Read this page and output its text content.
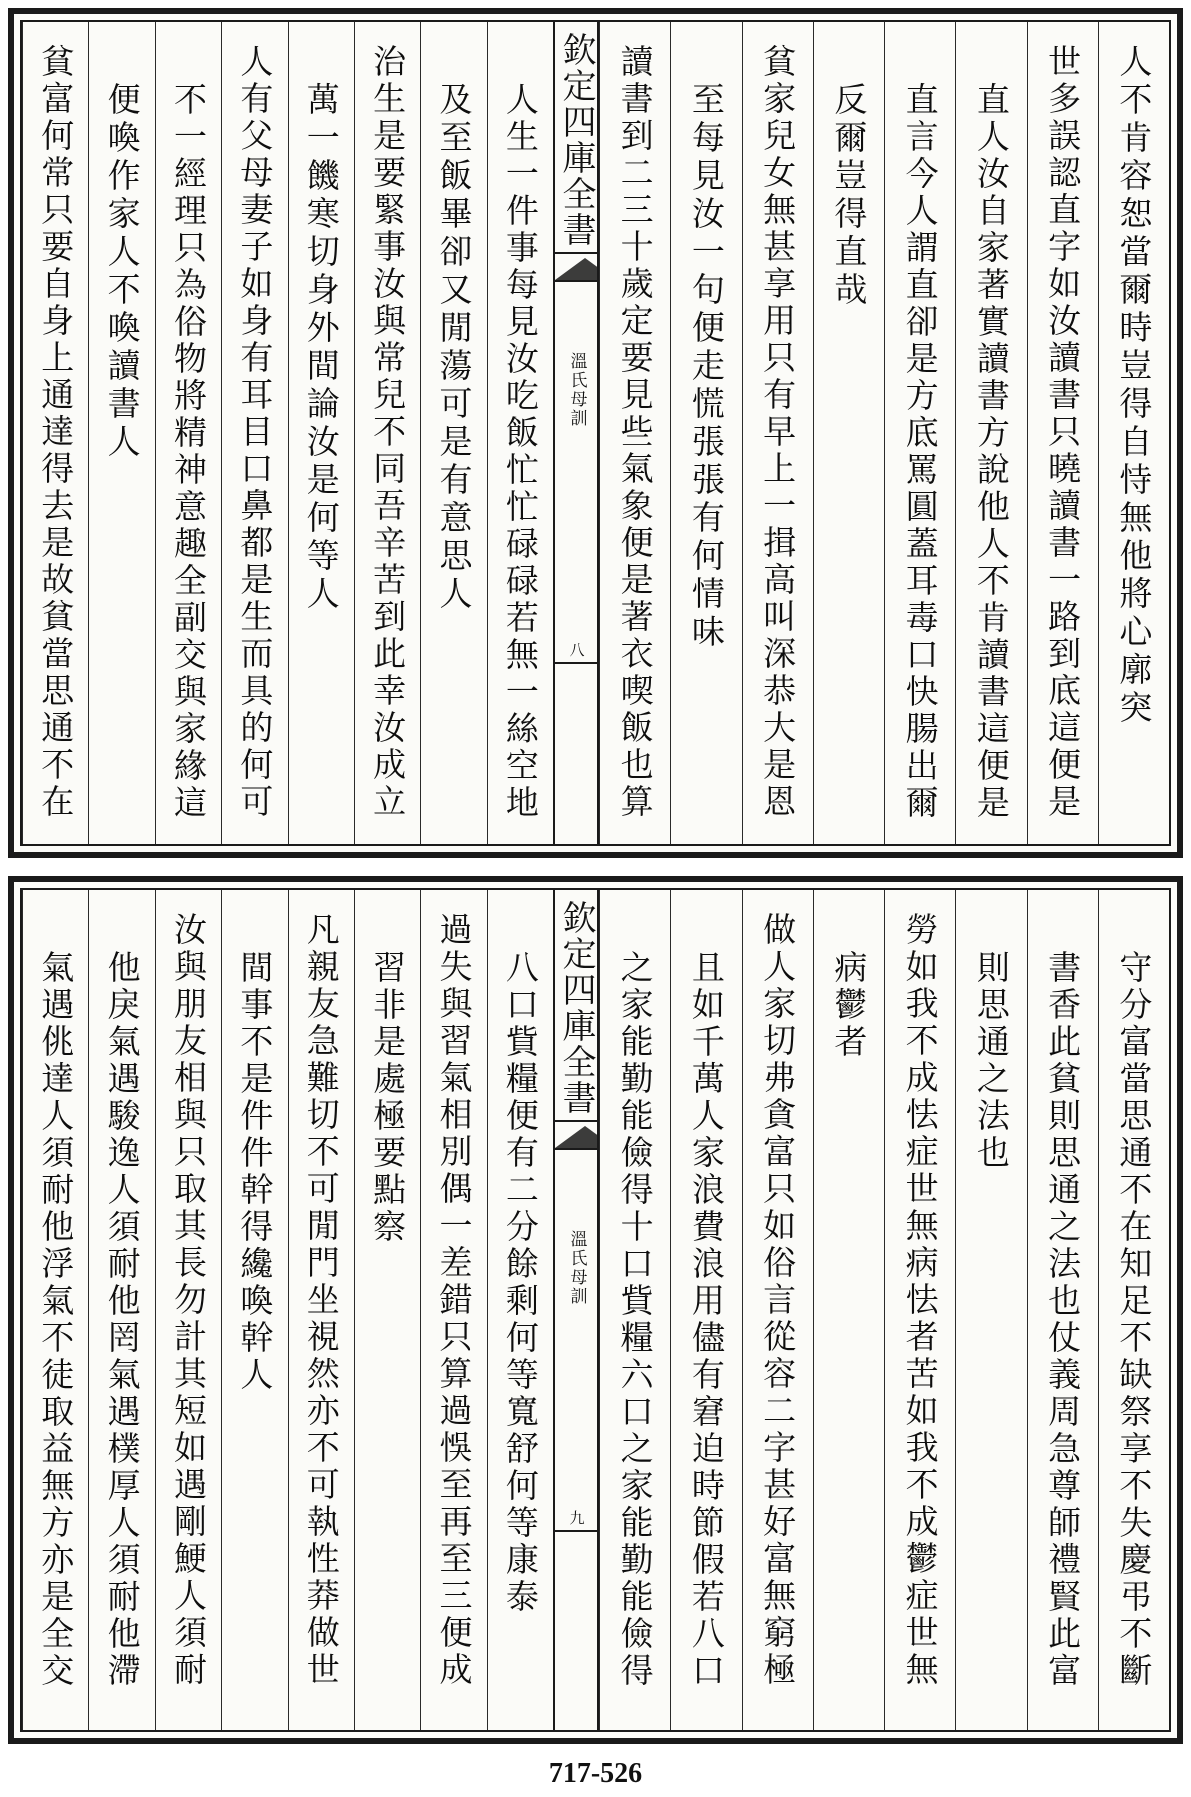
人不肯容恕當爾時豈得自恃無他將心廓突
世多誤認直字如汝讀書只曉讀書一路到底這便是
直人汝自家著實讀書方說他人不肯讀書這便是
直言今人謂直卻是方底罵圓蓋耳毒口快腸出爾
反爾豈得直哉
貧家兒女無甚享用只有早上一揖高叫深恭大是恩
至每見汝一句便走慌張張有何情味
讀書到二三十歲定要見些氣象便是著衣喫飯也算
欽定四庫全書
溫氏母訓
八
人生一件事每見汝吃飯忙忙碌碌若無一絲空地
及至飯畢卻又閒蕩可是有意思人
治生是要緊事汝與常兒不同吾辛苦到此幸汝成立
萬一饑寒切身外間論汝是何等人
人有父母妻子如身有耳目口鼻都是生而具的何可
不一經理只為俗物將精神意趣全副交與家緣這
便喚作家人不喚讀書人
貧富何常只要自身上通達得去是故貧當思通不在
守分富當思通不在知足不缺祭享不失慶弔不斷
書香此貧則思通之法也仗義周急尊師禮賢此富
則思通之法也
勞如我不成怯症世無病怯者苦如我不成鬱症世無
病鬱者
做人家切弗貪富只如俗言從容二字甚好富無窮極
且如千萬人家浪費浪用儘有窘迫時節假若八口
之家能勤能儉得十口貲糧六口之家能勤能儉得
欽定四庫全書
溫氏母訓
九
八口貲糧便有二分餘剩何等寬舒何等康泰
過失與習氣相別偶一差錯只算過悞至再至三便成
習非是處極要點察
凡親友急難切不可閒門坐視然亦不可執性莽做世
間事不是件件幹得纔喚幹人
汝與朋友相與只取其長勿計其短如遇剛鯁人須耐
他戾氣遇駿逸人須耐他罔氣遇樸厚人須耐他滯
氣遇佻達人須耐他浮氣不徒取益無方亦是全交
717-526
